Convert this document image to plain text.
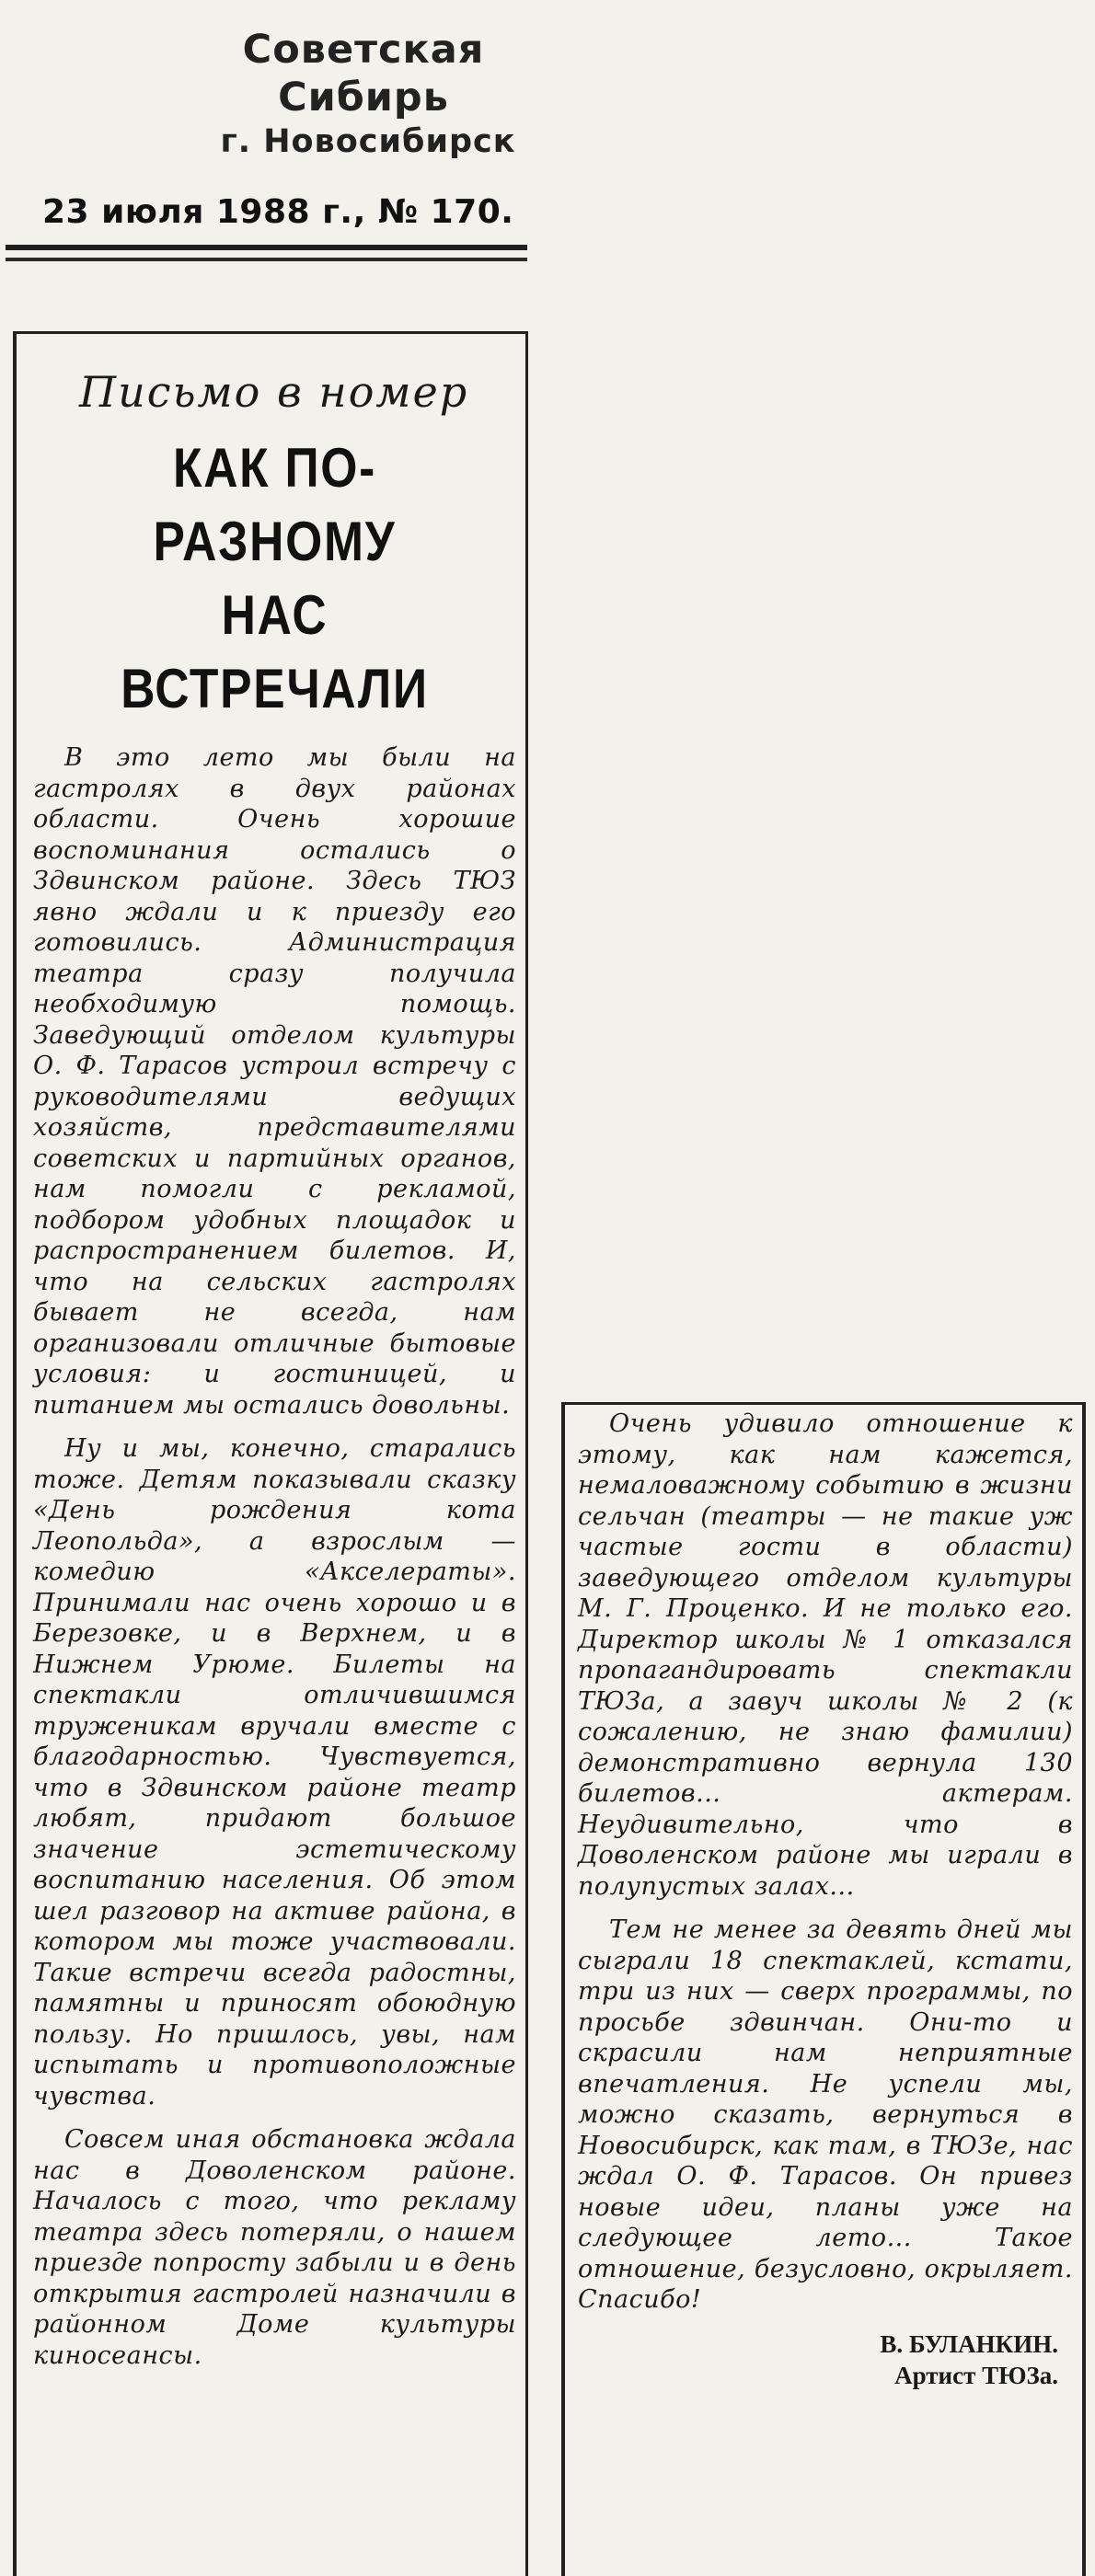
Советская Сибирь
г. Новосибирск
23 июля 1988 г., № 170.
Письмо в номер
КАК ПО-РАЗНОМУ
НАС ВСТРЕЧАЛИ

В это лето мы были на гастролях в двух районах области. Очень хорошие воспоминания остались о Здвинском районе. Здесь ТЮЗ явно ждали и к приезду его готовились. Администрация театра сразу получила необходимую помощь. Заведующий отделом культуры О. Ф. Тарасов устроил встречу с руководителями ведущих хозяйств, представителями советских и партийных органов, нам помогли с рекламой, подбором удобных площадок и распространением билетов. И, что на сельских гастролях бывает не всегда, нам организовали отличные бытовые условия: и гостиницей, и питанием мы остались довольны.

Ну и мы, конечно, старались тоже. Детям показывали сказку «День рождения кота Леопольда», а взрослым — комедию «Акселераты». Принимали нас очень хорошо и в Березовке, и в Верхнем, и в Нижнем Урюме. Билеты на спектакли отличившимся труженикам вручали вместе с благодарностью. Чувствуется, что в Здвинском районе театр любят, придают большое значение эстетическому воспитанию населения. Об этом шел разговор на активе района, в котором мы тоже участвовали. Такие встречи всегда радостны, памятны и приносят обоюдную пользу. Но пришлось, увы, нам испытать и противоположные чувства.

Совсем иная обстановка ждала нас в Доволенском районе. Началось с того, что рекламу театра здесь потеряли, о нашем приезде попросту забыли и в день открытия гастролей назначили в районном Доме культуры киносеансы.

Очень удивило отношение к этому, как нам кажется, немаловажному событию в жизни сельчан (театры — не такие уж частые гости в области) заведующего отделом культуры М. Г. Проценко. И не только его. Директор школы № 1 отказался пропагандировать спектакли ТЮЗа, а завуч школы № 2 (к сожалению, не знаю фамилии) демонстративно вернула 130 билетов... актерам. Неудивительно, что в Доволенском районе мы играли в полупустых залах...

Тем не менее за девять дней мы сыграли 18 спектаклей, кстати, три из них — сверх программы, по просьбе здвинчан. Они-то и скрасили нам неприятные впечатления. Не успели мы, можно сказать, вернуться в Новосибирск, как там, в ТЮЗе, нас ждал О. Ф. Тарасов. Он привез новые идеи, планы уже на следующее лето... Такое отношение, безусловно, окрыляет. Спасибо!

В. БУЛАНКИН.
Артист ТЮЗа.
